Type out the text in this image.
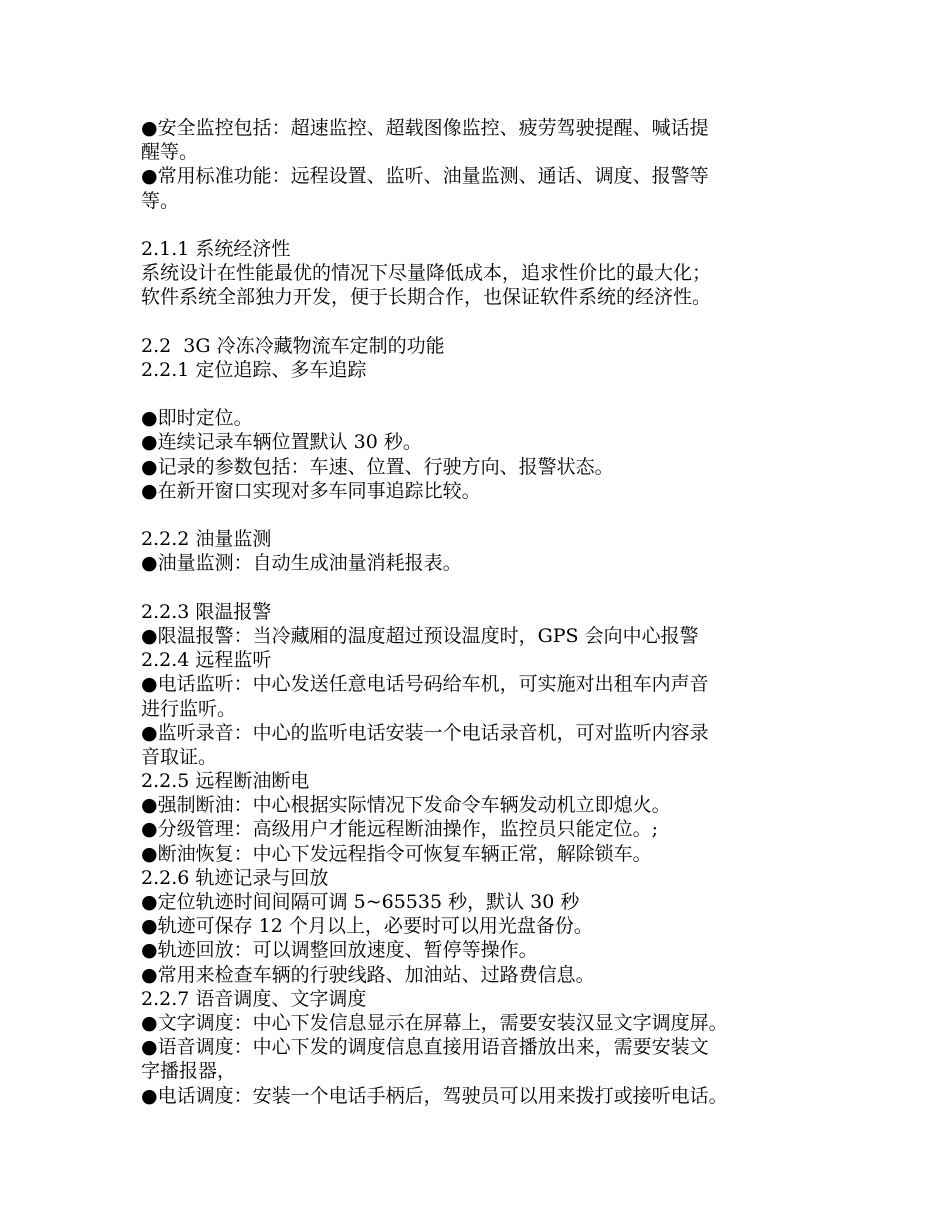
●安全监控包括：超速监控、超载图像监控、疲劳驾驶提醒、喊话提
醒等。
●常用标准功能：远程设置、监听、油量监测、通话、调度、报警等
等。
2.1.1 系统经济性
系统设计在性能最优的情况下尽量降低成本，追求性价比的最大化；
软件系统全部独力开发，便于长期合作，也保证软件系统的经济性。
2.2  3G 冷冻冷藏物流车定制的功能
2.2.1 定位追踪、多车追踪
●即时定位。
●连续记录车辆位置默认 30 秒。
●记录的参数包括：车速、位置、行驶方向、报警状态。
●在新开窗口实现对多车同事追踪比较。
2.2.2 油量监测
●油量监测：自动生成油量消耗报表。
2.2.3 限温报警
●限温报警：当冷藏厢的温度超过预设温度时，GPS 会向中心报警
2.2.4 远程监听
●电话监听：中心发送任意电话号码给车机，可实施对出租车内声音
进行监听。
●监听录音：中心的监听电话安装一个电话录音机，可对监听内容录
音取证。
2.2.5 远程断油断电
●强制断油：中心根据实际情况下发命令车辆发动机立即熄火。
●分级管理：高级用户才能远程断油操作，监控员只能定位。;
●断油恢复：中心下发远程指令可恢复车辆正常，解除锁车。
2.2.6 轨迹记录与回放
●定位轨迹时间间隔可调 5~65535 秒，默认 30 秒
●轨迹可保存 12 个月以上，必要时可以用光盘备份。
●轨迹回放：可以调整回放速度、暂停等操作。
●常用来检查车辆的行驶线路、加油站、过路费信息。
2.2.7 语音调度、文字调度
●文字调度：中心下发信息显示在屏幕上，需要安装汉显文字调度屏。
●语音调度：中心下发的调度信息直接用语音播放出来，需要安装文
字播报器，
●电话调度：安装一个电话手柄后，驾驶员可以用来拨打或接听电话。
